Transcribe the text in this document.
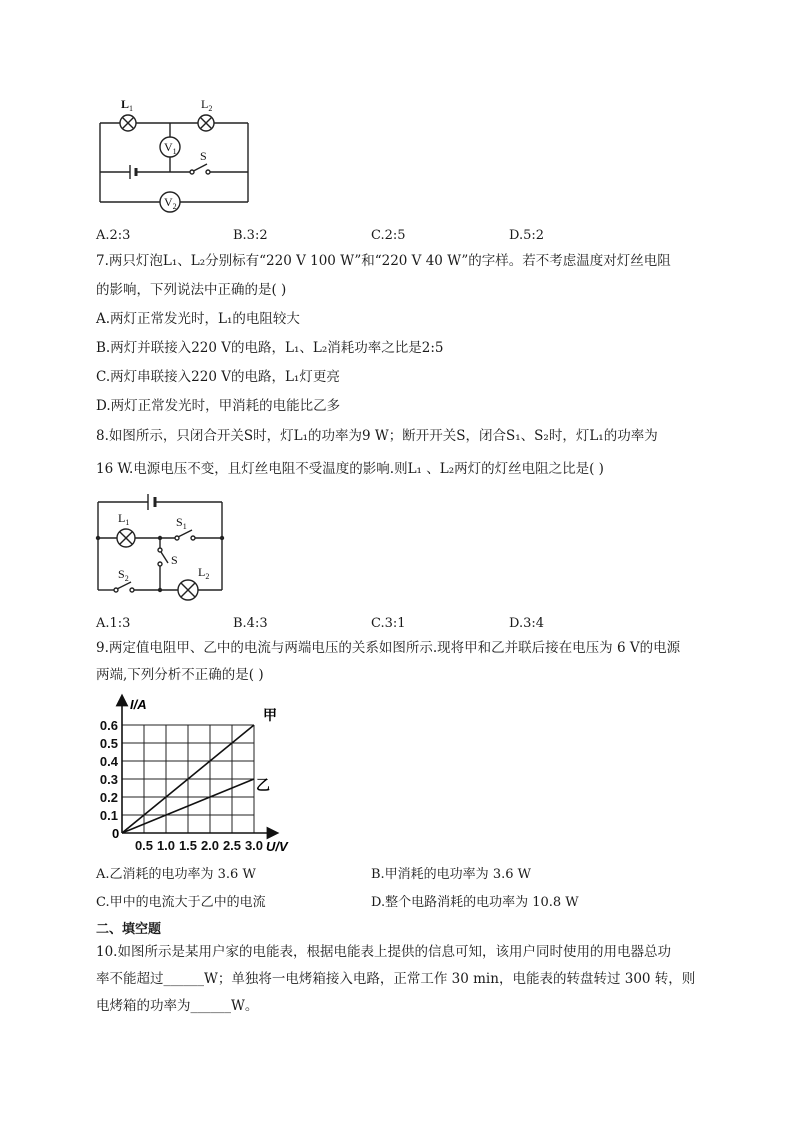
$L_1$	$L_2$
$V_1$
$V_2$
S
A.2:3	B.3:2	C.2:5	D.5:2
7.两只灯泡L₁、L₂分别标有“220 V 100 W”和“220 V 40 W”的字样。若不考虑温度对灯丝电阻
的影响，下列说法中正确的是( )
A.两灯正常发光时，L₁的电阻较大
B.两灯并联接入220 V的电路，L₁、L₂消耗功率之比是2:5
C.两灯串联接入220 V的电路，L₁灯更亮
D.两灯正常发光时，甲消耗的电能比乙多
8.如图所示，只闭合开关S时，灯L₁的功率为9 W；断开开关S，闭合S₁、S₂时，灯L₁的功率为
16 W.电源电压不变，且灯丝电阻不受温度的影响.则L₁ 、L₂两灯的灯丝电阻之比是( )
$L_1$	$S_1$
S
$S_2$	$L_2$
A.1:3	B.4:3	C.3:1	D.3:4
9.两定值电阻甲、乙中的电流与两端电压的关系如图所示.现将甲和乙并联后接在电压为 6 V的电源
两端,下列分析不正确的是( )
甲
乙
0.5 1.0 1.5 2.0 2.5 3.0
0.6
0.5
0.4
0.3
0.2
0.1
I/A
U/V
0
A.乙消耗的电功率为 3.6 W	B.甲消耗的电功率为 3.6 W
C.甲中的电流大于乙中的电流	D.整个电路消耗的电功率为 10.8 W
二、填空题
10.如图所示是某用户家的电能表，根据电能表上提供的信息可知，该用户同时使用的用电器总功
率不能超过______W；单独将一电烤箱接入电路，正常工作 30 min，电能表的转盘转过 300 转，则
电烤箱的功率为______W。
